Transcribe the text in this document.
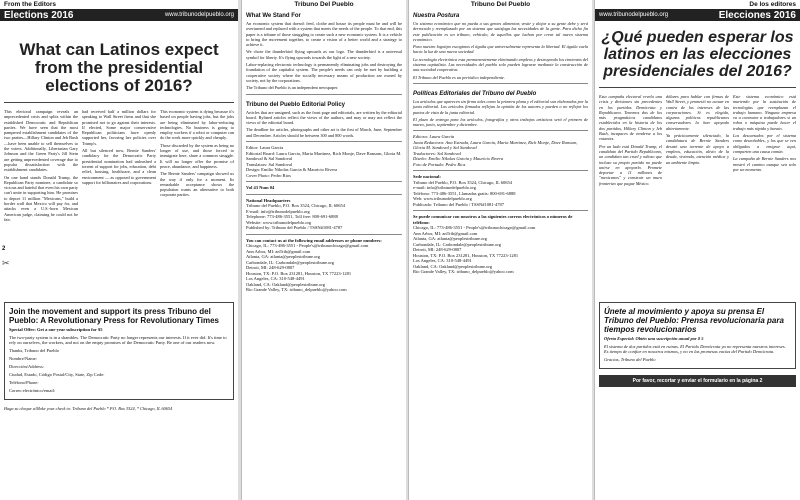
From the Editors
Elections 2016	www.tribunodelpueblo.org
What can Latinos expect from the presidential elections of 2016?

This electoral campaign reveals an unprecedented crisis and splits within the established Democratic and Republican parties. We have seen that the most pampered establishment candidates of the two parties—Hillary Clinton and Jeb Bush—have been unable to sell themselves to the voters. Additionally, Libertarian Gary Johnson and the Green Party's Jill Stein are getting unprecedented coverage due to popular dissatisfaction with the establishment candidates.

On one hand stands Donald Trump, the Republican Party nominee, a candidate so vicious and hateful that even his own party can't unite in supporting him. He promises to deport 11 million "Mexicans," build a border wall that Mexico will pay for, and attacks even a U.S.-born Mexican American judge, claiming he could not be fair.

had received half a million dollars for speaking to Wall Street firms and that she promised not to go against their interests. If elected, Some major conservative Republican politicians have openly supported her, favoring her policies over Trump's.

All but silenced now, Bernie Sanders' candidacy for the Democratic Party presidential nomination had unleashed a torrent of support for jobs, education, debt relief, housing, healthcare, and a clean environment — as opposed to government support for billionaires and corporations.

This economic system is dying because it's based on people having jobs, but the jobs are being eliminated by labor-reducing technologies. No business is going to employ workers if a robot or computer can do the work more quickly and cheaply.

Those discarded by the system as being no longer of use, and those forced to immigrate here, share a common struggle. It will no longer offer the promise of peace, abundance, and happiness.

The Bernie Sanders' campaign showed us the way if only for a moment. Its remarkable acceptance shows the population wants an alternative to both corporate parties.

Join the movement and support its press Tribuno del Pueblo: A Revolutionary Press for Revolutionary Times
Special Offer: Get a one-year subscription for $5
The two-party system is in a shambles. The Democratic Party no longer represents our interests. If it ever did. It's time to rely on ourselves, the workers, and not on the empty promises of the Democratic Party. Be one of our readers now.
Thanks, Tribuno del Pueblo
Nombre/Name:
Dirección/Address:
Ciudad, Estado, Código Postal/City, State, Zip Code:
Teléfono/Phone:
Correo electrónico/email:
Haga su cheque a/Make your check to: Tribuno del Pueblo * P.O. Box 3524, * Chicago, IL 60654
✂
2
Tribuno Del Pueblo
What We Stand For

An economic system that doesn't feed, clothe and house its people must be and will be overturned and replaced with a system that meets the needs of the people. To that end, this paper is a tribune of those struggling to create such a new economic system. It is a vehicle to bring the movement together, to create a vision of a better world and a strategy to achieve it.

We chose the thunderbird flying upwards as our logo. The thunderbird is a universal symbol for liberty. It's flying upwards towards the light of a new society.

Labor-replacing electronic technology is permanently eliminating jobs and destroying the foundation of the capitalist system. The people's needs can only be met by building a cooperative society where the socially necessary means of production are owned by society, not by the corporations.

The Tribuno del Pueblo is an independent newspaper.

Tribuno del Pueblo Editorial Policy

Articles that are unsigned, such as the front page and editorials, are written by the editorial board. Bylined articles reflect the views of the authors, and may or may not reflect the views of the editorial board.

The deadline for articles, photographs and other art is the first of March, June, September and December. Articles should be between 300 and 800 words.

Editor: Laura Garcia
Editorial Board: Laura Garcia, Maria Martinez, Rich Monje, Dave Ransom, Gloria M. Sandoval & Sal Sandoval
Translators: Sal Sandoval
Design: Emilio Nikolas Garcia & Mauricio Rivera
Cover Photo: Pedro Rios
Vol 43 Num 04
National Headquarters
Tribuno del Pueblo, P.O. Box 3524, Chicago, IL 60654
E-mail: info@tribunodelpueblo.org
Telephone: 773-486-3551, Toll free: 800-691-6888
Website: www.tribunodelpueblo.org
Published by: Tribuno del Pueblo / TSSN#1081-4787
You can contact us at the following email addresses or phone numbers:
Chicago, IL: 773-486-3551 - People's@tribunochicago@gmail.com
Ann Arbor, MI: anTrib@gmail.com
Atlanta, GA: atlanta@peoplestribune.org
Carbondale, IL: Carbondale@peoplestribune.org
Detroit, MI: 248-629-0807
Houston, TX: P.O. Box 231281, Houston, TX 77223-1281
Los Angeles, CA: 310-548-4491
Oakland, CA: Oakland@peoplestribune.org
Rio Grande Valley, TX: tribuno_delpueblo@yahoo.com
Tribuno Del Pueblo
Nuestra Postura

Un sistema económico que no pueda a sus gentes alimentar, vestir y alojar a su gente debe y será derrocado y reemplazado por un sistema que satisfaga las necesidades de la gente. Para dicho fin este publicación es un tribuno, vehículo, de aquellos que luchan por crear tal nuevo sistema económico.

Para nuestro logotipo escogimos el águila que universalmente representa la libertad. El águila vuela hacia la luz de una nueva sociedad.

La tecnología electrónica esta permanentemente eliminando empleos y destruyendo los cimientos del sistema capitalista. Las necesidades del pueblo solo pueden lograrse mediante la construcción de una sociedad cooperativa.

El Tribuno del Pueblo es un periódico independiente.

Políticas Editoriales del Tribuno del Pueblo

Los artículos que aparecen sin firma tales como la primera plana y el editorial son elaborados por la junta editorial. Los artículos firmados reflejan la opinión de los autores y pueden o no reflejar los puntos de vista de la junta editorial.

El plazo de entrega para los artículos, fotografías y otros trabajos artísticos será el primero de marzo, junio, septiembre y diciembre.

Editora: Laura García
Junta Redactora: Ana Estrada, Laura García, Maria Martinez, Rich Monje, Dave Ransom, Gloria M. Sandoval y Sal Sandoval
Traductores: Sal Sandoval
Diseño: Emilio Nikolas García y Mauricio Rivera
Foto de Portada: Pedro Rios
Sede nacional:
Tribuno del Pueblo, P.O. Box 3524, Chicago, IL 60654
e-mail: info@tribunodelpueblo.org
Teléfono: 773-486-3551, Llamadas gratis: 800-691-6888
Web: www.tribunodelpueblo.org
Publicado: Tribuno del Pueblo / TSSN#1081-4787
Se puede comunicar con nosotros a las siguientes correos electrónicos o números de teléfono:
Chicago, IL: 773-486-3551 - People's@tribunochicago@gmail.com
Ann Arbor, MI: anTrib@gmail.com
Atlanta, GA: atlanta@peoplestribune.org
Carbondale, IL: Carbondale@peoplestribune.org
Detroit, MI: 248-629-0807
Houston, TX: P.O. Box 231281, Houston, TX 77223-1281
Los Angeles, CA: 310-548-4491
Oakland, CA: Oakland@peoplestribune.org
Rio Grande Valley, TX: tribuno_delpueblo@yahoo.com
De los editores
www.tribunodelpueblo.org	Elecciones 2016
¿Qué pueden esperar los latinos en las elecciones presidenciales del 2016?

Esta campaña electoral revela una crisis y divisiones sin precedentes en los partidos Demócrata y Republicano. Tenemos dos de los más pragmáticos candidatos establecidos en la historia de los dos partidos, Hillary Clinton y Jeb Bush, incapaces de venderse a los votantes.

Por un lado está Donald Trump, el candidato del Partido Republicano, un candidato tan cruel y odioso que incluso su propio partido no puede unirse en apoyarlo. Promete deportar a 11 millones de "mexicanos" y construir un muro fronterizo que pague México.

dólares para hablar con firmas de Wall Street, y prometió no actuar en contra de los intereses de las corporaciones. Si es elegida, algunos políticos republicanos conservadores la han apoyado abiertamente.

Ya prácticamente silenciado, la candidatura de Bernie Sanders desató una torrente de apoyo a empleos, educación, alivio de la deuda, vivienda, atención médica y un ambiente limpio.

Este sistema económico está muriendo por la sustitución de tecnologías que reemplazan el trabajo humano. Ninguna empresa va a contratar a trabajadores si un robot o máquina puede hacer el trabajo más rápido y barato.

Los descartados por el sistema como desechables, y los que se ven obligados a emigrar aquí, comparten una causa común.

La campaña de Bernie Sanders nos mostró el camino aunque sea solo por un momento.

Únete al movimiento y apoya su prensa El Tribuno del Pueblo: Prensa revolucionaria para tiempos revolucionarios
Oferta Especial: Obtén una suscripción anual por $ 5
El sistema de dos partidos está en ruinas. El Partido Demócrata ya no representa nuestros intereses. Es tiempo de confiar en nosotros mismos, y no en las promesas vacías del Partido Demócrata.
Gracias, Tribuno del Pueblo
Por favor, recortar y enviar el formulario en la página 2
